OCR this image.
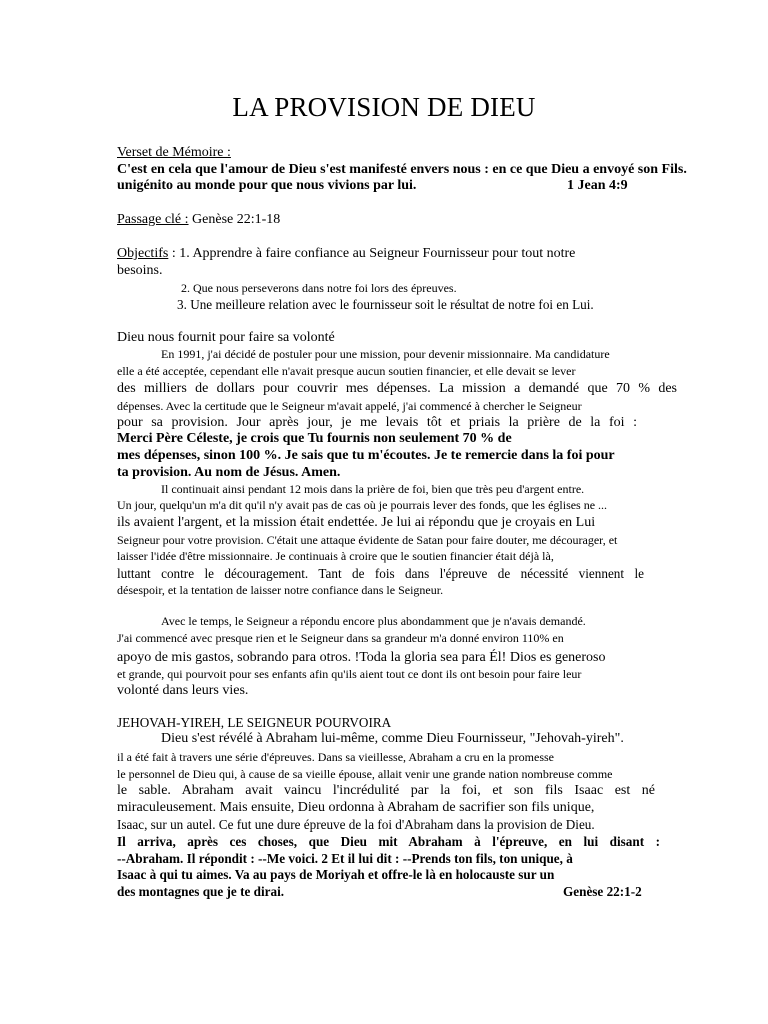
LA PROVISION DE DIEU
Verset de Mémoire :
C'est en cela que l'amour de Dieu s'est manifesté envers nous : en ce que Dieu a envoyé son Fils.
unigénito au monde pour que nous vivions par lui.	1 Jean 4:9
Passage clé : Genèse 22:1-18
Objectifs : 1. Apprendre à faire confiance au Seigneur Fournisseur pour tout notre
besoins.
2. Que nous perseverons dans notre foi lors des épreuves.
3. Une meilleure relation avec le fournisseur soit le résultat de notre foi en Lui.
Dieu nous fournit pour faire sa volonté
En 1991, j'ai décidé de postuler pour une mission, pour devenir missionnaire. Ma candidature
elle a été acceptée, cependant elle n'avait presque aucun soutien financier, et elle devait se lever
des milliers de dollars pour couvrir mes dépenses. La mission a demandé que 70 % des
dépenses. Avec la certitude que le Seigneur m'avait appelé, j'ai commencé à chercher le Seigneur
pour sa provision. Jour après jour, je me levais tôt et priais la prière de la foi :
Merci Père Céleste, je crois que Tu fournis non seulement 70 % de
mes dépenses, sinon 100 %. Je sais que tu m'écoutes. Je te remercie dans la foi pour
ta provision. Au nom de Jésus. Amen.
Il continuait ainsi pendant 12 mois dans la prière de foi, bien que très peu d'argent entre.
Un jour, quelqu'un m'a dit qu'il n'y avait pas de cas où je pourrais lever des fonds, que les églises ne ...
ils avaient l'argent, et la mission était endettée. Je lui ai répondu que je croyais en Lui
Seigneur pour votre provision. C'était une attaque évidente de Satan pour faire douter, me décourager, et
laisser l'idée d'être missionnaire. Je continuais à croire que le soutien financier était déjà là,
luttant contre le découragement. Tant de fois dans l'épreuve de nécessité viennent le
désespoir, et la tentation de laisser notre confiance dans le Seigneur.
Avec le temps, le Seigneur a répondu encore plus abondamment que je n'avais demandé.
J'ai commencé avec presque rien et le Seigneur dans sa grandeur m'a donné environ 110% en
apoyo de mis gastos, sobrando para otros. !Toda la gloria sea para Él! Dios es generoso
et grande, qui pourvoit pour ses enfants afin qu'ils aient tout ce dont ils ont besoin pour faire leur
volonté dans leurs vies.
JEHOVAH-YIREH, LE SEIGNEUR POURVOIRA
Dieu s'est révélé à Abraham lui-même, comme Dieu Fournisseur, "Jehovah-yireh".
il a été fait à travers une série d'épreuves. Dans sa vieillesse, Abraham a cru en la promesse
le personnel de Dieu qui, à cause de sa vieille épouse, allait venir une grande nation nombreuse comme
le sable. Abraham avait vaincu l'incrédulité par la foi, et son fils Isaac est né
miraculeusement. Mais ensuite, Dieu ordonna à Abraham de sacrifier son fils unique,
Isaac, sur un autel. Ce fut une dure épreuve de la foi d'Abraham dans la provision de Dieu.
Il arriva, après ces choses, que Dieu mit Abraham à l'épreuve, en lui disant :
--Abraham. Il répondit : --Me voici. 2 Et il lui dit : --Prends ton fils, ton unique, à
Isaac à qui tu aimes. Va au pays de Moriyah et offre-le là en holocauste sur un
des montagnes que je te dirai.	Genèse 22:1-2
